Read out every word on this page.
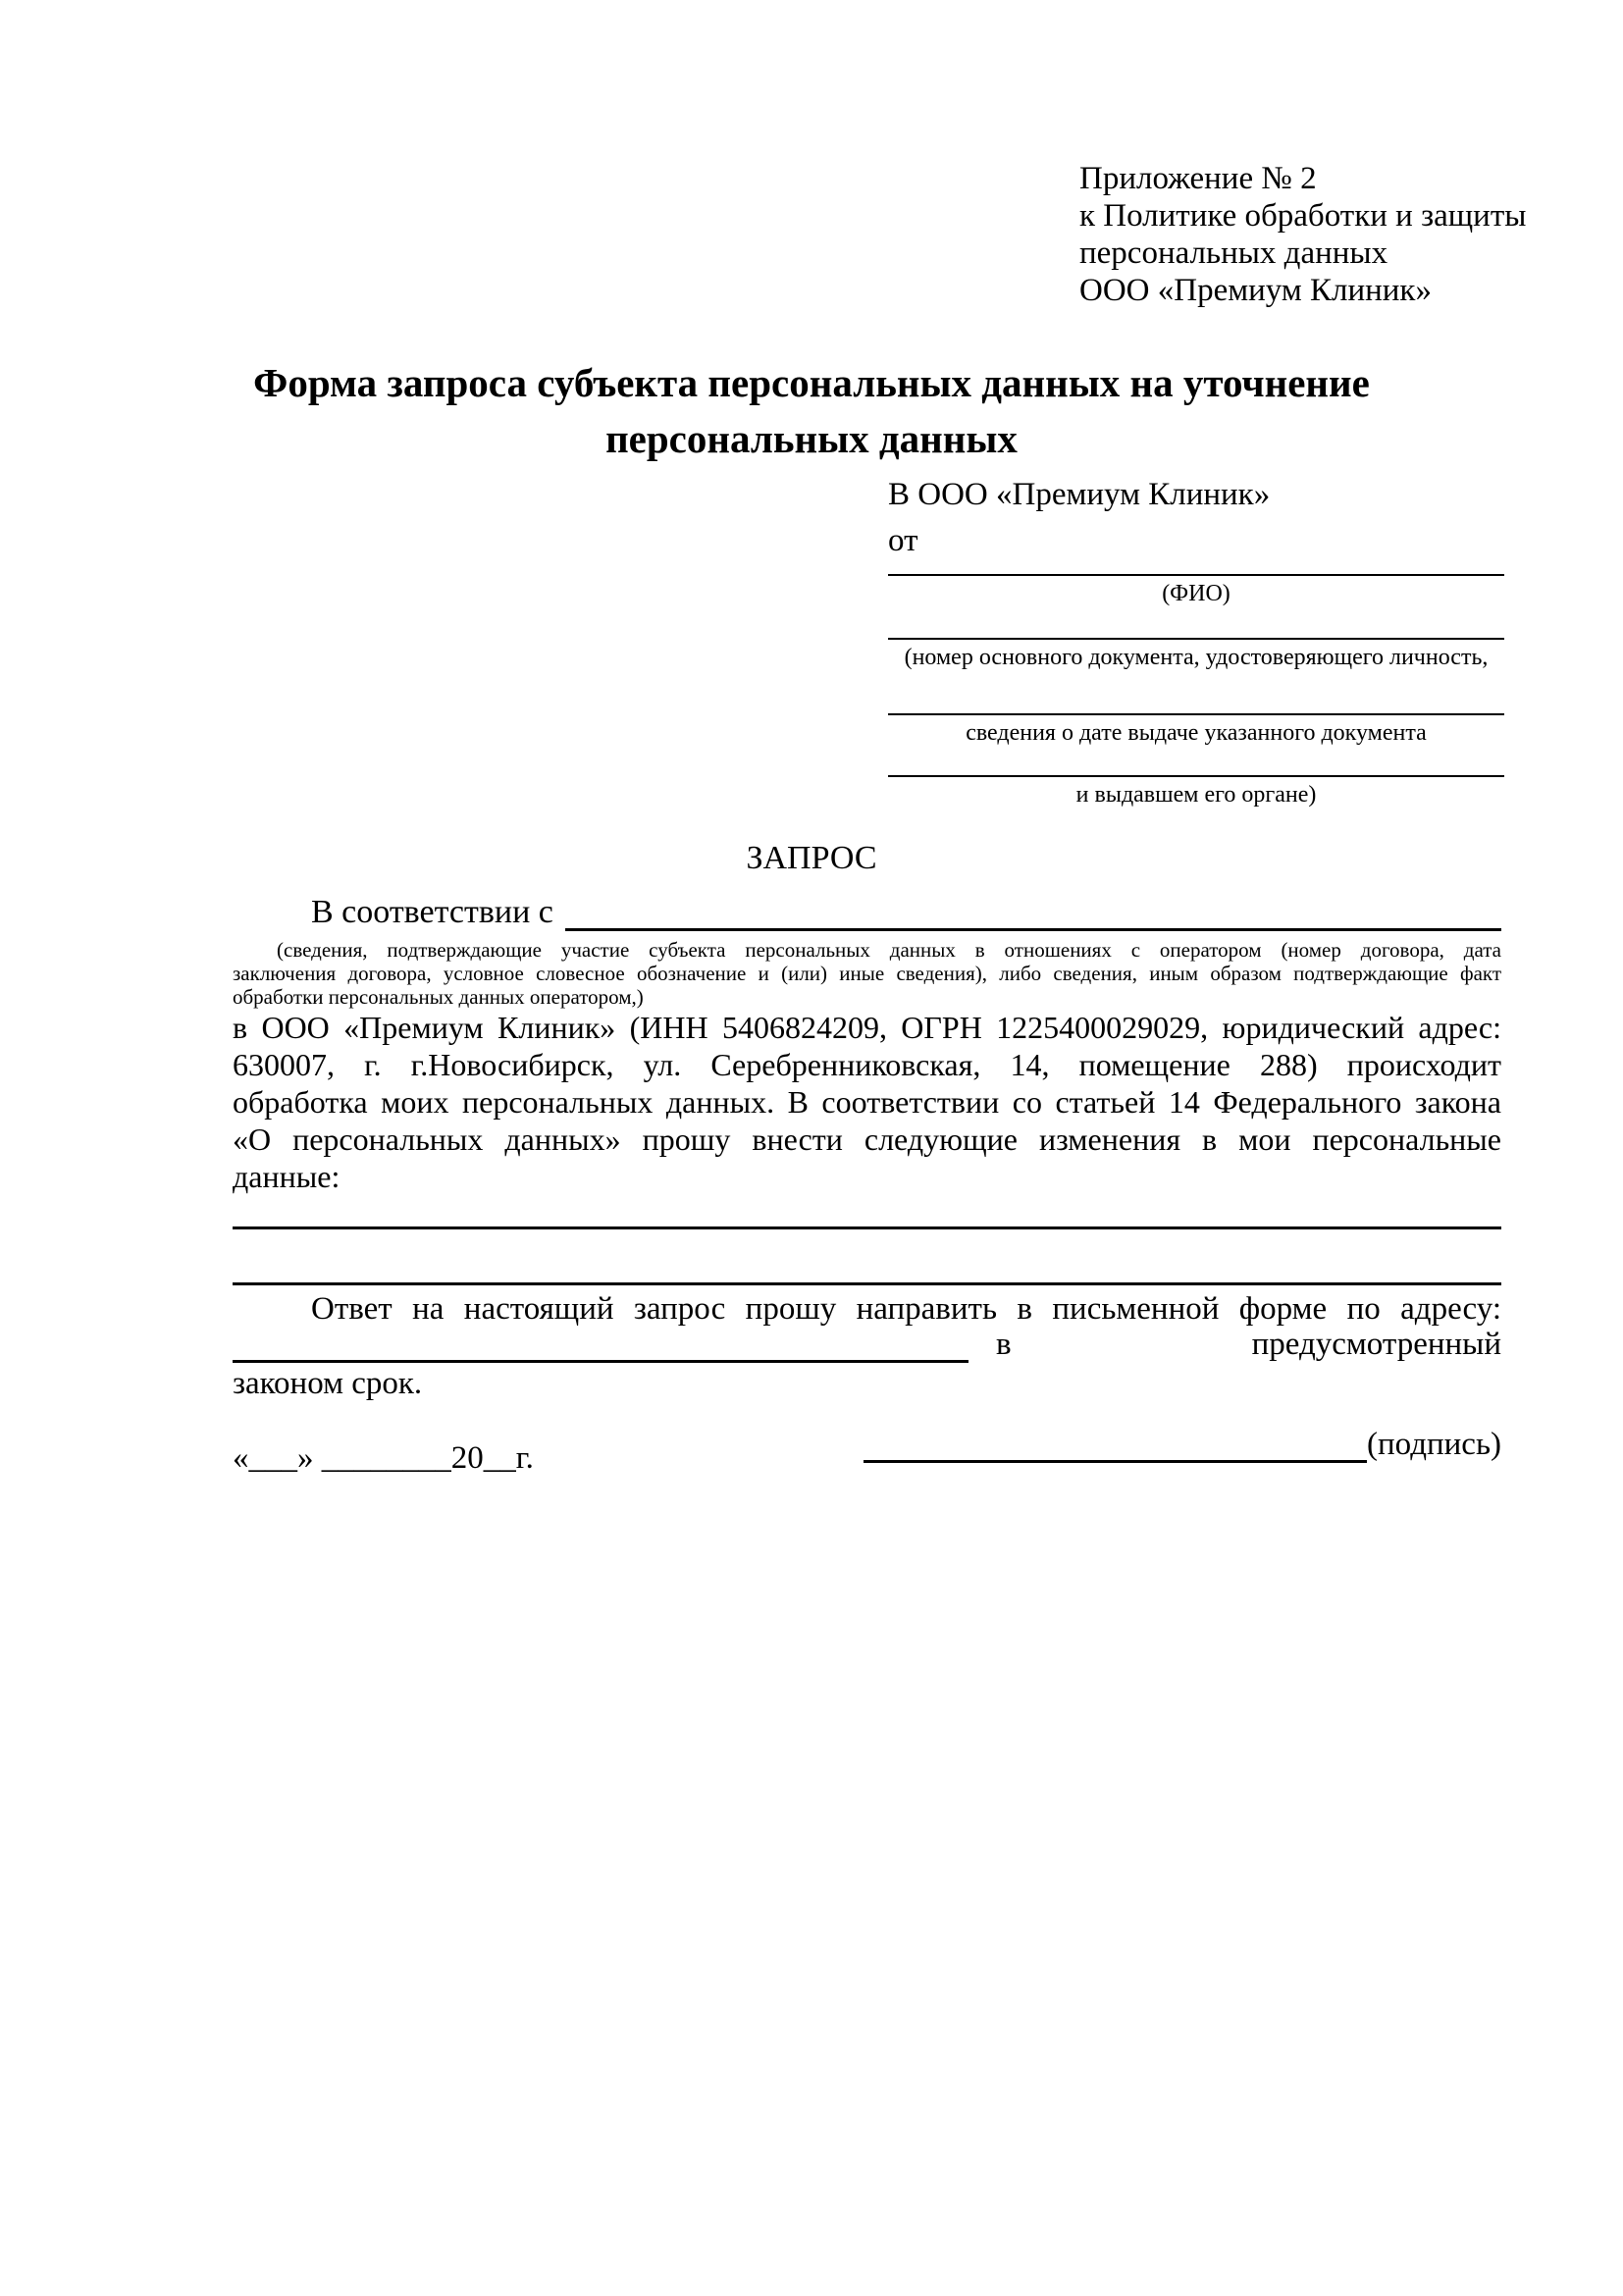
Приложение № 2
к Политике обработки и защиты
персональных данных
ООО «Премиум Клиник»
Форма запроса субъекта персональных данных на уточнение
персональных данных
В ООО «Премиум Клиник»
от
(ФИО)
(номер основного документа, удостоверяющего личность,
сведения о дате выдаче указанного документа
и выдавшем его органе)
ЗАПРОС
В соответствии с
(сведения, подтверждающие участие субъекта персональных данных в отношениях с оператором (номер договора, дата
заключения договора, условное словесное обозначение и (или) иные сведения), либо сведения, иным образом подтверждающие факт
обработки персональных данных оператором,)
в ООО «Премиум Клиник» (ИНН 5406824209, ОГРН 1225400029029, юридический адрес:
630007, г. г.Новосибирск, ул. Серебренниковская, 14, помещение 288) происходит
обработка моих персональных данных. В соответствии со статьей 14 Федерального закона
«О персональных данных» прошу внести следующие изменения в мои персональные
данные:
Ответ на настоящий запрос прошу направить в письменной форме по адресу:
в	предусмотренный
законом срок.
«___» ________20__г.	(подпись)
